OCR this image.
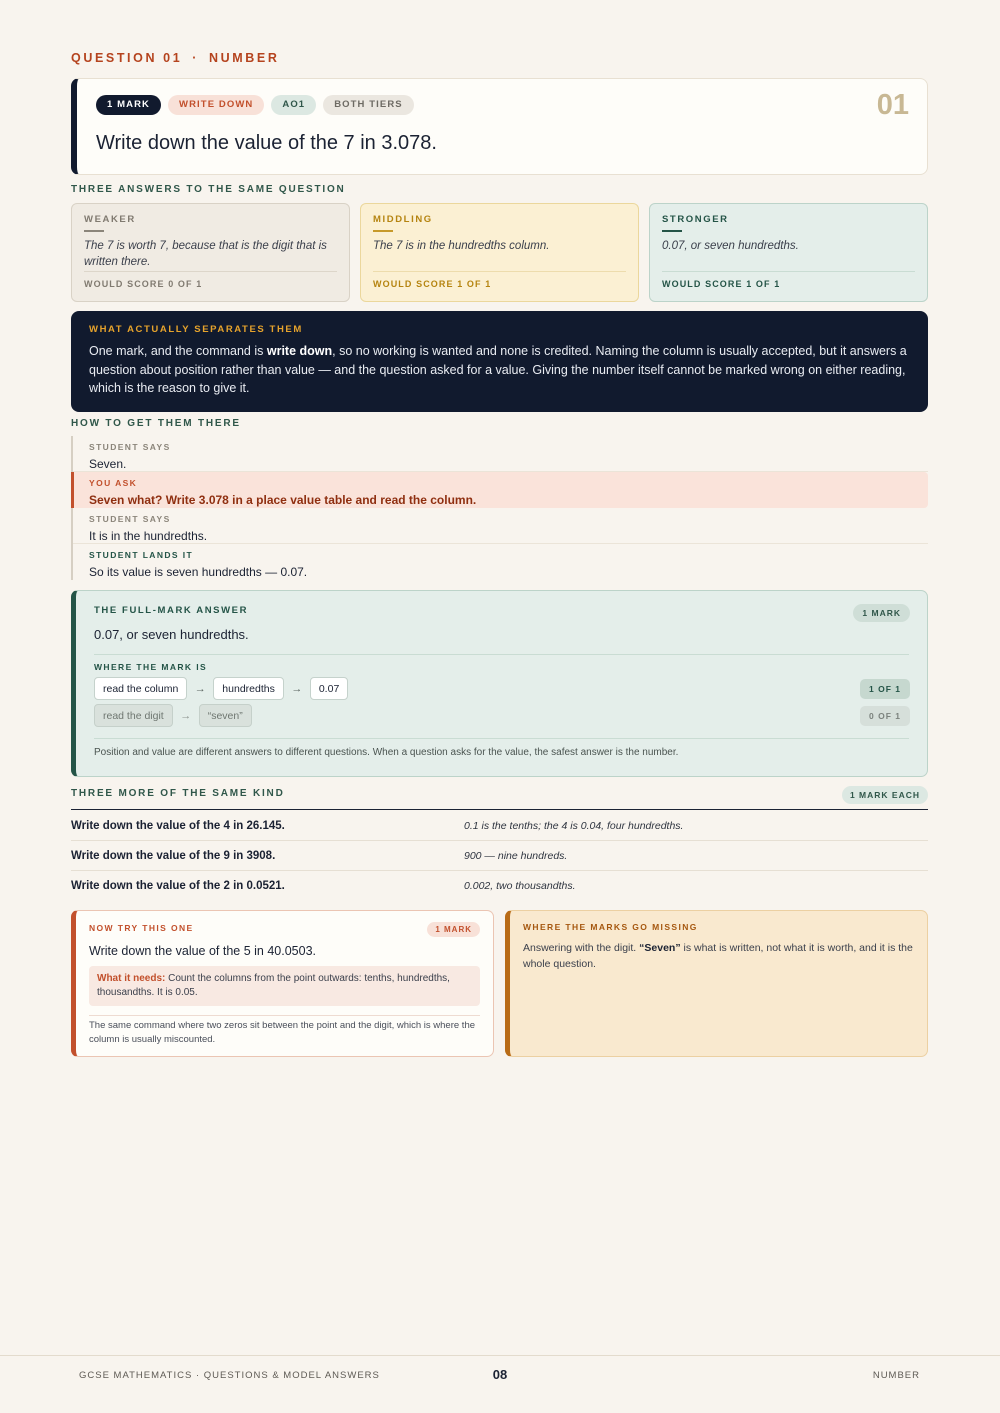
QUESTION 01 · NUMBER
1 MARK	WRITE DOWN	AO1	BOTH TIERS	01
Write down the value of the 7 in 3.078.
THREE ANSWERS TO THE SAME QUESTION
WEAKER
The 7 is worth 7, because that is the digit that is written there.
WOULD SCORE 0 OF 1
MIDDLING
The 7 is in the hundredths column.
WOULD SCORE 1 OF 1
STRONGER
0.07, or seven hundredths.
WOULD SCORE 1 OF 1
WHAT ACTUALLY SEPARATES THEM
One mark, and the command is write down, so no working is wanted and none is credited. Naming the column is usually accepted, but it answers a question about position rather than value — and the question asked for a value. Giving the number itself cannot be marked wrong on either reading, which is the reason to give it.
HOW TO GET THEM THERE
STUDENT SAYS
Seven.
YOU ASK
Seven what? Write 3.078 in a place value table and read the column.
STUDENT SAYS
It is in the hundredths.
STUDENT LANDS IT
So its value is seven hundredths — 0.07.
THE FULL-MARK ANSWER	1 MARK
0.07, or seven hundredths.
WHERE THE MARK IS
read the column	→	hundredths	→	0.07	1 OF 1
read the digit	→	“seven”	0 OF 1
Position and value are different answers to different questions. When a question asks for the value, the safest answer is the number.
THREE MORE OF THE SAME KIND	1 MARK EACH
Write down the value of the 4 in 26.145.	0.1 is the tenths; the 4 is 0.04, four hundredths.
Write down the value of the 9 in 3908.	900 — nine hundreds.
Write down the value of the 2 in 0.0521.	0.002, two thousandths.
NOW TRY THIS ONE	1 MARK
Write down the value of the 5 in 40.0503.
What it needs: Count the columns from the point outwards: tenths, hundredths, thousandths. It is 0.05.
The same command where two zeros sit between the point and the digit, which is where the column is usually miscounted.
WHERE THE MARKS GO MISSING
Answering with the digit. “Seven” is what is written, not what it is worth, and it is the whole question.
GCSE MATHEMATICS · QUESTIONS & MODEL ANSWERS	08	NUMBER
